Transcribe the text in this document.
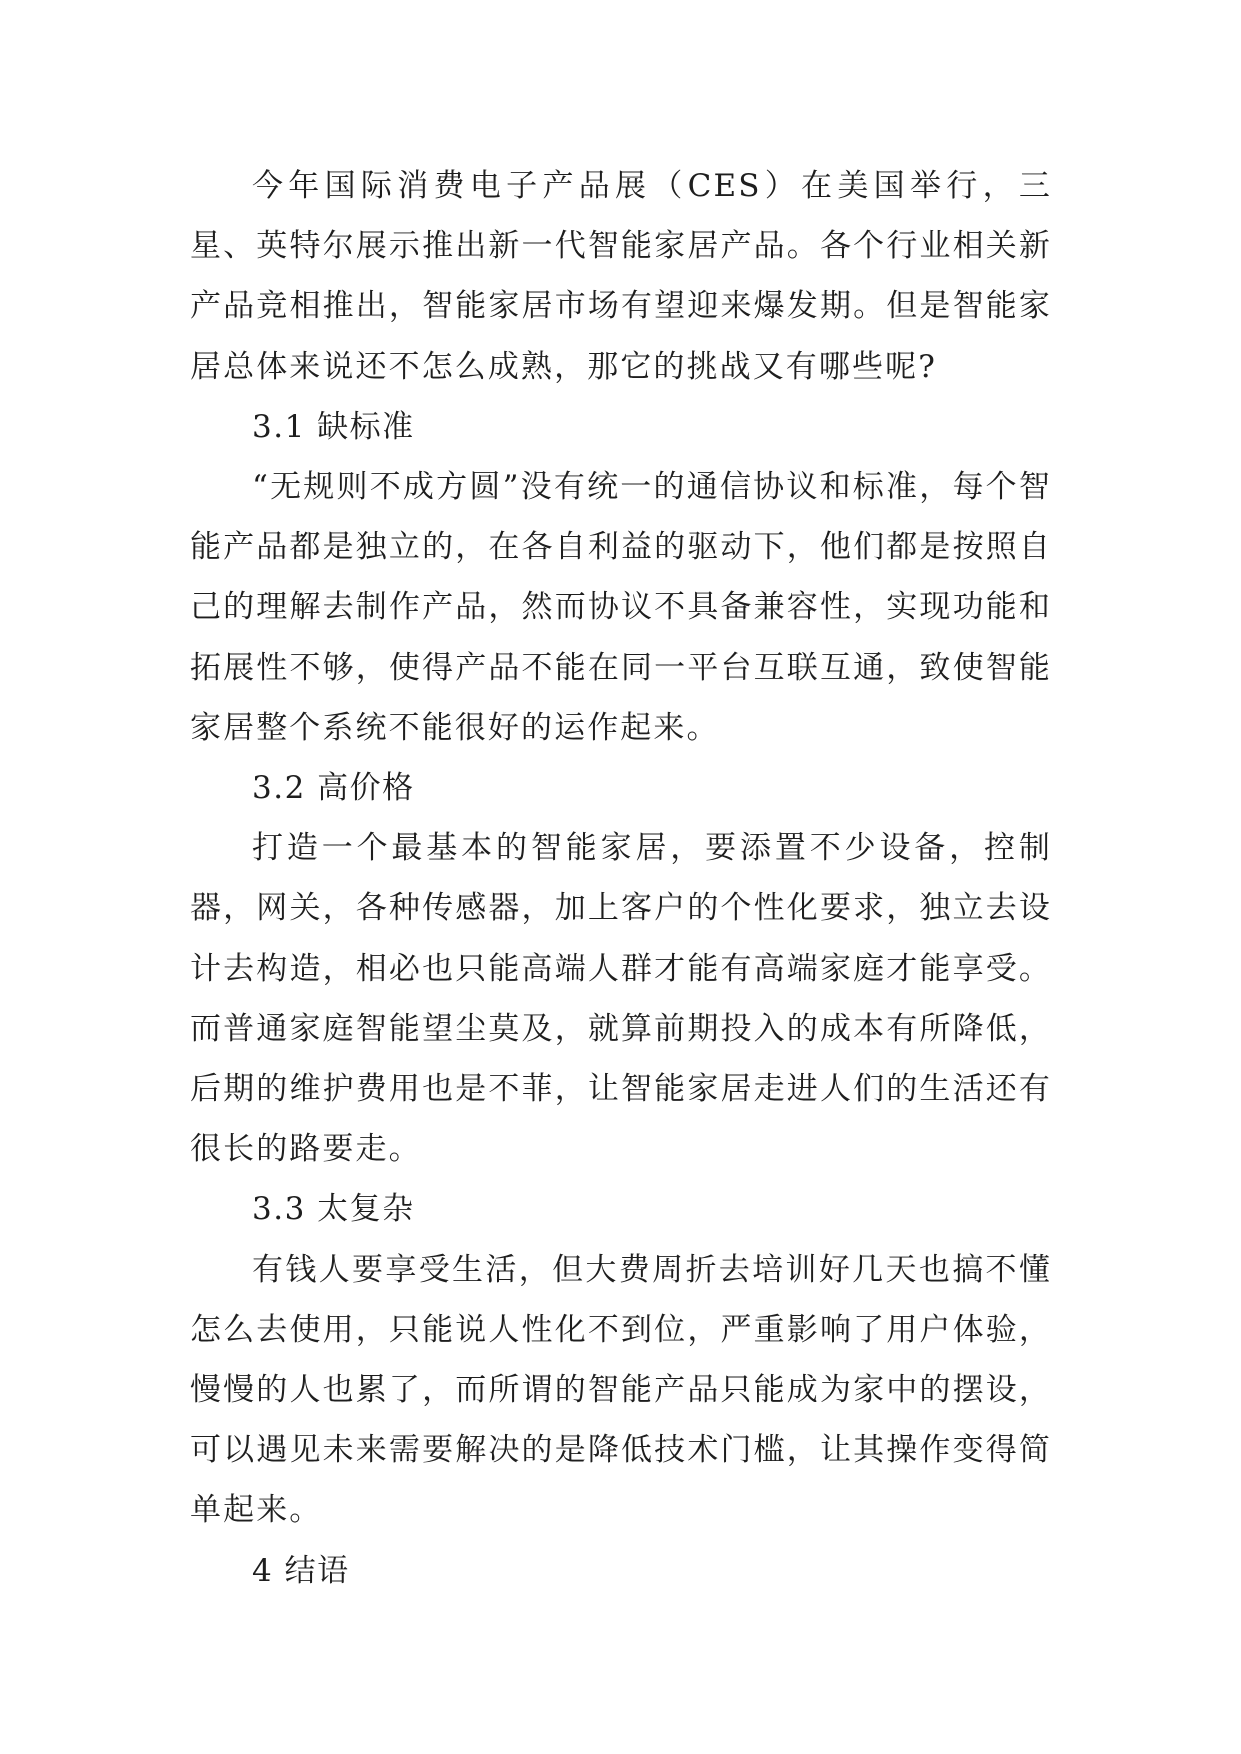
今年国际消费电子产品展（CES）在美国举行，三星、英特尔展示推出新一代智能家居产品。各个行业相关新产品竞相推出，智能家居市场有望迎来爆发期。但是智能家居总体来说还不怎么成熟，那它的挑战又有哪些呢?

3.1 缺标准

“无规则不成方圆”没有统一的通信协议和标准，每个智能产品都是独立的，在各自利益的驱动下，他们都是按照自己的理解去制作产品，然而协议不具备兼容性，实现功能和拓展性不够，使得产品不能在同一平台互联互通，致使智能家居整个系统不能很好的运作起来。

3.2 高价格

打造一个最基本的智能家居，要添置不少设备，控制器，网关，各种传感器，加上客户的个性化要求，独立去设计去构造，相必也只能高端人群才能有高端家庭才能享受。而普通家庭智能望尘莫及，就算前期投入的成本有所降低，后期的维护费用也是不菲，让智能家居走进人们的生活还有很长的路要走。

3.3 太复杂

有钱人要享受生活，但大费周折去培训好几天也搞不懂怎么去使用，只能说人性化不到位，严重影响了用户体验，慢慢的人也累了，而所谓的智能产品只能成为家中的摆设，可以遇见未来需要解决的是降低技术门槛，让其操作变得简单起来。

4 结语
